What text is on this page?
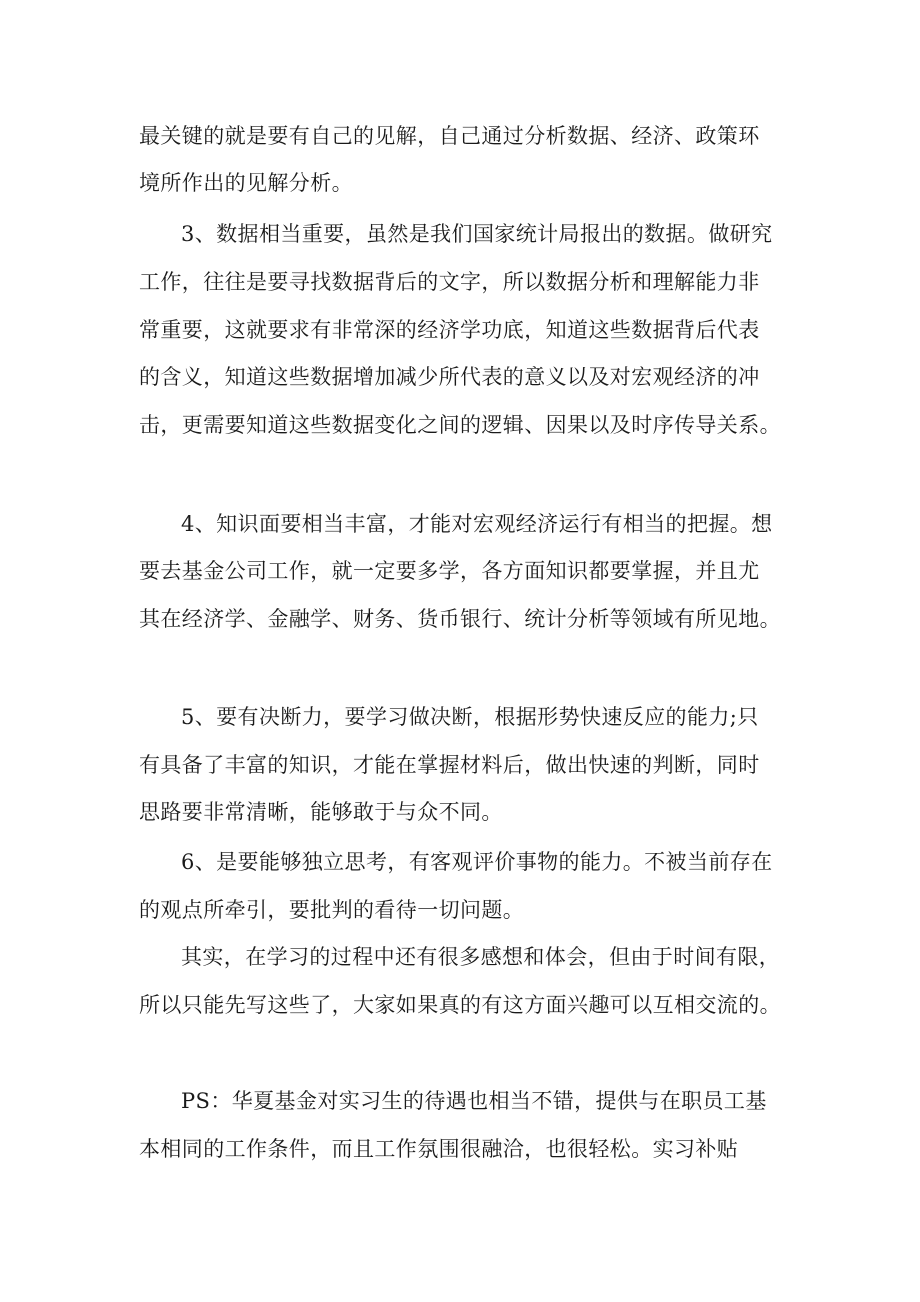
最关键的就是要有自己的见解，自己通过分析数据、经济、政策环
境所作出的见解分析。
3、数据相当重要，虽然是我们国家统计局报出的数据。做研究
工作，往往是要寻找数据背后的文字，所以数据分析和理解能力非
常重要，这就要求有非常深的经济学功底，知道这些数据背后代表
的含义，知道这些数据增加减少所代表的意义以及对宏观经济的冲
击，更需要知道这些数据变化之间的逻辑、因果以及时序传导关系。
4、知识面要相当丰富，才能对宏观经济运行有相当的把握。想
要去基金公司工作，就一定要多学，各方面知识都要掌握，并且尤
其在经济学、金融学、财务、货币银行、统计分析等领域有所见地。
5、要有决断力，要学习做决断，根据形势快速反应的能力;只
有具备了丰富的知识，才能在掌握材料后，做出快速的判断，同时
思路要非常清晰，能够敢于与众不同。
6、是要能够独立思考，有客观评价事物的能力。不被当前存在
的观点所牵引，要批判的看待一切问题。
其实，在学习的过程中还有很多感想和体会，但由于时间有限，
所以只能先写这些了，大家如果真的有这方面兴趣可以互相交流的。
PS：华夏基金对实习生的待遇也相当不错，提供与在职员工基
本相同的工作条件，而且工作氛围很融洽，也很轻松。实习补贴
